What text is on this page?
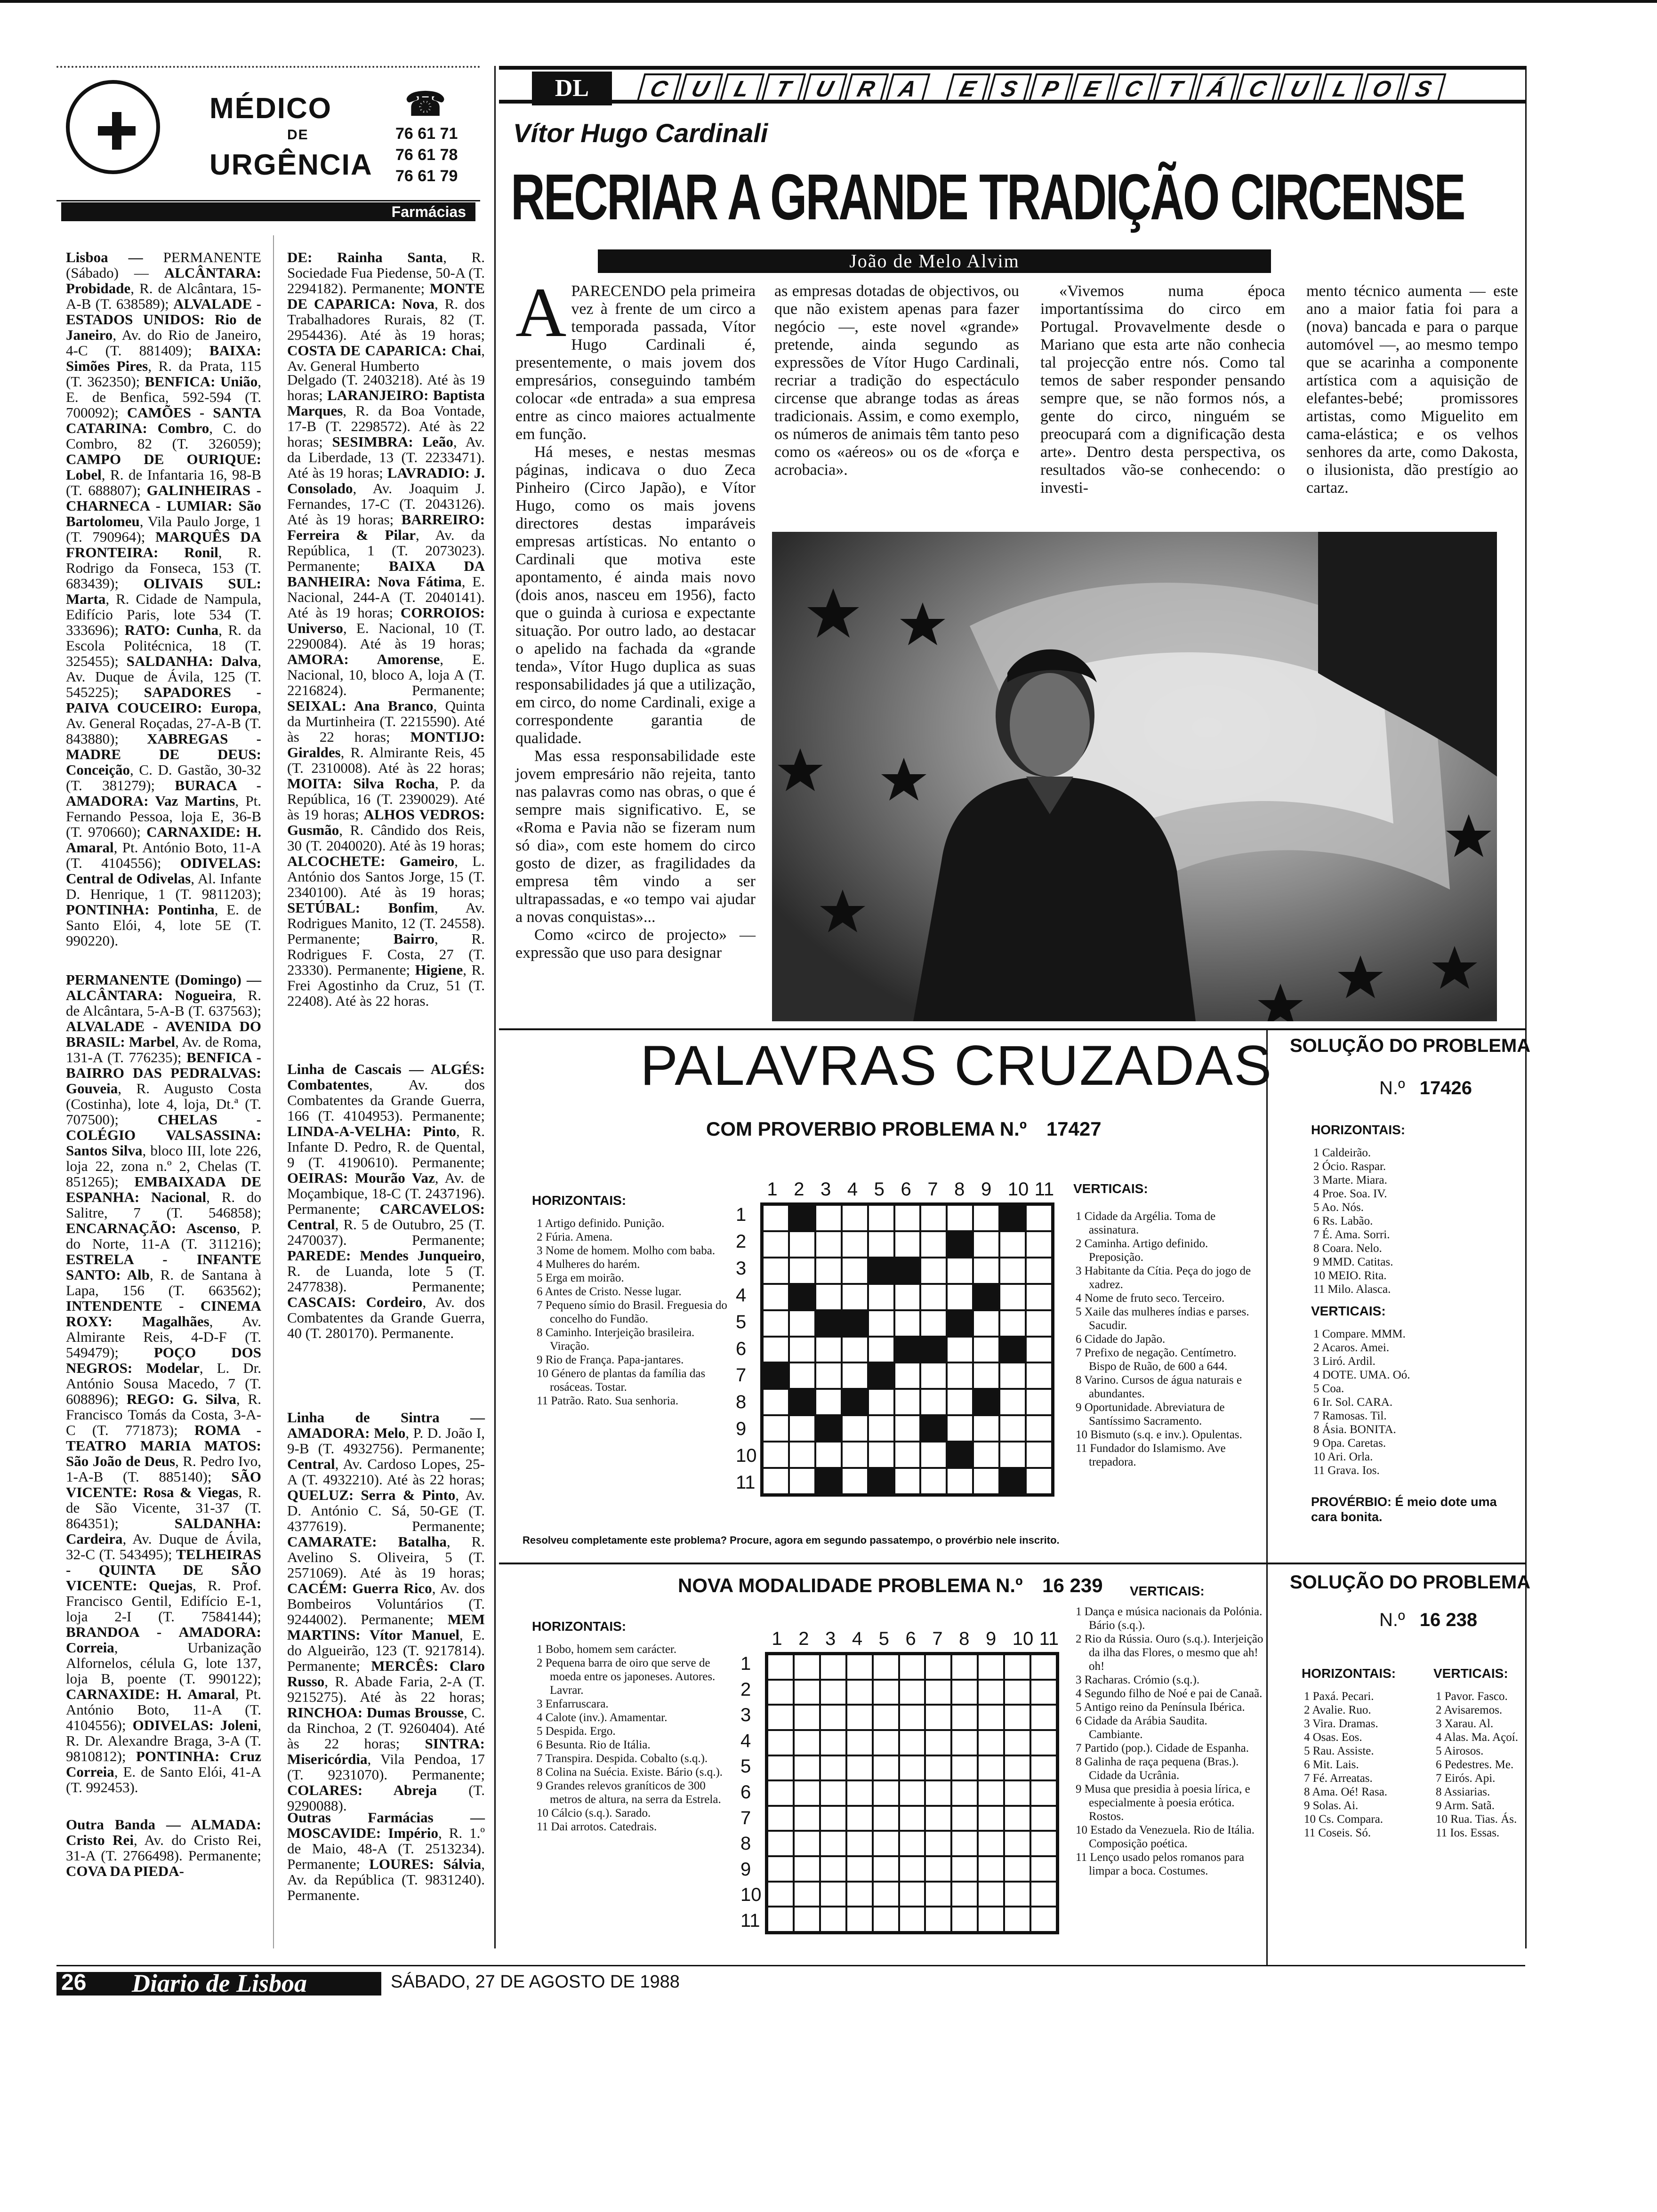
MÉDICO
DE
URGÊNCIA
☎
76 61 71
76 61 78
76 61 79
Farmácias
Lisboa — PERMANENTE (Sábado) — ALCÂNTARA: Probidade, R. de Alcântara, 15-A-B (T. 638589); ALVALADE - ESTADOS UNIDOS: Rio de Janeiro, Av. do Rio de Janeiro, 4-C (T. 881409); BAIXA: Simões Pires, R. da Prata, 115 (T. 362350); BENFICA: União, E. de Benfica, 592-594 (T. 700092); CAMÕES - SANTA CATARINA: Combro, C. do Combro, 82 (T. 326059); CAMPO DE OURIQUE: Lobel, R. de Infantaria 16, 98-B (T. 688807); GALINHEIRAS - CHARNECA - LUMIAR: São Bartolomeu, Vila Paulo Jorge, 1 (T. 790964); MARQUÊS DA FRONTEIRA: Ronil, R. Rodrigo da Fonseca, 153 (T. 683439); OLIVAIS SUL: Marta, R. Cidade de Nampula, Edifício Paris, lote 534 (T. 333696); RATO: Cunha, R. da Escola Politécnica, 18 (T. 325455); SALDANHA: Dalva, Av. Duque de Ávila, 125 (T. 545225); SAPADORES - PAIVA COUCEIRO: Europa, Av. General Roçadas, 27-A-B (T. 843880); XABREGAS - MADRE DE DEUS: Conceição, C. D. Gastão, 30-32 (T. 381279); BURACA - AMADORA: Vaz Martins, Pt. Fernando Pessoa, loja E, 36-B (T. 970660); CARNAXIDE: H. Amaral, Pt. António Boto, 11-A (T. 4104556); ODIVELAS: Central de Odivelas, Al. Infante D. Henrique, 1 (T. 9811203); PONTINHA: Pontinha, E. de Santo Elói, 4, lote 5E (T. 990220).
PERMANENTE (Domingo) — ALCÂNTARA: Nogueira, R. de Alcântara, 5-A-B (T. 637563); ALVALADE - AVENIDA DO BRASIL: Marbel, Av. de Roma, 131-A (T. 776235); BENFICA - BAIRRO DAS PEDRALVAS: Gouveia, R. Augusto Costa (Costinha), lote 4, loja, Dt.ª (T. 707500); CHELAS - COLÉGIO VALSASSINA: Santos Silva, bloco III, lote 226, loja 22, zona n.º 2, Chelas (T. 851265); EMBAIXADA DE ESPANHA: Nacional, R. do Salitre, 7 (T. 546858); ENCARNAÇÃO: Ascenso, P. do Norte, 11-A (T. 311216); ESTRELA - INFANTE SANTO: Alb, R. de Santana à Lapa, 156 (T. 663562); INTENDENTE - CINEMA ROXY: Magalhães, Av. Almirante Reis, 4-D-F (T. 549479); POÇO DOS NEGROS: Modelar, L. Dr. António Sousa Macedo, 7 (T. 608896); REGO: G. Silva, R. Francisco Tomás da Costa, 3-A-C (T. 771873); ROMA - TEATRO MARIA MATOS: São João de Deus, R. Pedro Ivo, 1-A-B (T. 885140); SÃO VICENTE: Rosa & Viegas, R. de São Vicente, 31-37 (T. 864351); SALDANHA: Cardeira, Av. Duque de Ávila, 32-C (T. 543495); TELHEIRAS - QUINTA DE SÃO VICENTE: Quejas, R. Prof. Francisco Gentil, Edifício E-1, loja 2-I (T. 7584144); BRANDOA - AMADORA: Correia, Urbanização Alfornelos, célula G, lote 137, loja B, poente (T. 990122); CARNAXIDE: H. Amaral, Pt. António Boto, 11-A (T. 4104556); ODIVELAS: Joleni, R. Dr. Alexandre Braga, 3-A (T. 9810812); PONTINHA: Cruz Correia, E. de Santo Elói, 41-A (T. 992453).
Outra Banda — ALMADA: Cristo Rei, Av. do Cristo Rei, 31-A (T. 2766498). Permanente; COVA DA PIEDA-
DE: Rainha Santa, R. Sociedade Fua Piedense, 50-A (T. 2294182). Permanente; MONTE DE CAPARICA: Nova, R. dos Trabalhadores Rurais, 82 (T. 2954436). Até às 19 horas; COSTA DE CAPARICA: Chai, Av. General Humberto
Delgado (T. 2403218). Até às 19 horas; LARANJEIRO: Baptista Marques, R. da Boa Vontade, 17-B (T. 2298572). Até às 22 horas; SESIMBRA: Leão, Av. da Liberdade, 13 (T. 2233471). Até às 19 horas; LAVRADIO: J. Consolado, Av. Joaquim J. Fernandes, 17-C (T. 2043126). Até às 19 horas; BARREIRO: Ferreira & Pilar, Av. da República, 1 (T. 2073023). Permanente; BAIXA DA BANHEIRA: Nova Fátima, E. Nacional, 244-A (T. 2040141). Até às 19 horas; CORROIOS: Universo, E. Nacional, 10 (T. 2290084). Até às 19 horas; AMORA: Amorense, E. Nacional, 10, bloco A, loja A (T. 2216824). Permanente; SEIXAL: Ana Branco, Quinta da Murtinheira (T. 2215590). Até às 22 horas; MONTIJO: Giraldes, R. Almirante Reis, 45 (T. 2310008). Até às 22 horas; MOITA: Silva Rocha, P. da República, 16 (T. 2390029). Até às 19 horas; ALHOS VEDROS: Gusmão, R. Cândido dos Reis, 30 (T. 2040020). Até às 19 horas; ALCOCHETE: Gameiro, L. António dos Santos Jorge, 15 (T. 2340100). Até às 19 horas; SETÚBAL: Bonfim, Av. Rodrigues Manito, 12 (T. 24558). Permanente; Bairro, R. Rodrigues F. Costa, 27 (T. 23330). Permanente; Higiene, R. Frei Agostinho da Cruz, 51 (T. 22408). Até às 22 horas.
Linha de Cascais — ALGÉS: Combatentes, Av. dos Combatentes da Grande Guerra, 166 (T. 4104953). Permanente; LINDA-A-VELHA: Pinto, R. Infante D. Pedro, R. de Quental, 9 (T. 4190610). Permanente; OEIRAS: Mourão Vaz, Av. de Moçambique, 18-C (T. 2437196). Permanente; CARCAVELOS: Central, R. 5 de Outubro, 25 (T. 2470037). Permanente; PAREDE: Mendes Junqueiro, R. de Luanda, lote 5 (T. 2477838). Permanente; CASCAIS: Cordeiro, Av. dos Combatentes da Grande Guerra, 40 (T. 280170). Permanente.
Linha de Sintra — AMADORA: Melo, P. D. João I, 9-B (T. 4932756). Permanente; Central, Av. Cardoso Lopes, 25-A (T. 4932210). Até às 22 horas; QUELUZ: Serra & Pinto, Av. D. António C. Sá, 50-GE (T. 4377619). Permanente; CAMARATE: Batalha, R. Avelino S. Oliveira, 5 (T. 2571069). Até às 19 horas; CACÉM: Guerra Rico, Av. dos Bombeiros Voluntários (T. 9244002). Permanente; MEM MARTINS: Vítor Manuel, E. do Algueirão, 123 (T. 9217814). Permanente; MERCÊS: Claro Russo, R. Abade Faria, 2-A (T. 9215275). Até às 22 horas; RINCHOA: Dumas Brousse, C. da Rinchoa, 2 (T. 9260404). Até às 22 horas; SINTRA: Misericórdia, Vila Pendoa, 17 (T. 9231070). Permanente; COLARES: Abreja (T. 9290088).
Outras Farmácias — MOSCAVIDE: Império, R. 1.º de Maio, 48-A (T. 2513234). Permanente; LOURES: Sálvia, Av. da República (T. 9831240). Permanente.
DL	C U L T U R A	E S P E C T Á C U L O S
Vítor Hugo Cardinali
RECRIAR A GRANDE TRADIÇÃO CIRCENSE
João de Melo Alvim
APARECENDO pela primeira vez à frente de um circo a temporada passada, Vítor Hugo Cardinali é, presentemente, o mais jovem dos empresários, conseguindo também colocar «de entrada» a sua empresa entre as cinco maiores actualmente em função.

Há meses, e nestas mesmas páginas, indicava o duo Zeca Pinheiro (Circo Japão), e Vítor Hugo, como os mais jovens directores destas imparáveis empresas artísticas. No entanto o Cardinali que motiva este apontamento, é ainda mais novo (dois anos, nasceu em 1956), facto que o guinda à curiosa e expectante situação. Por outro lado, ao destacar o apelido na fachada da «grande tenda», Vítor Hugo duplica as suas responsabilidades já que a utilização, em circo, do nome Cardinali, exige a correspondente garantia de qualidade.

Mas essa responsabilidade este jovem empresário não rejeita, tanto nas palavras como nas obras, o que é sempre mais significativo. E, se «Roma e Pavia não se fizeram num só dia», com este homem do circo gosto de dizer, as fragilidades da empresa têm vindo a ser ultrapassadas, e «o tempo vai ajudar a novas conquistas»...

Como «circo de projecto» — expressão que uso para designar

as empresas dotadas de objectivos, ou que não existem apenas para fazer negócio —, este novel «grande» pretende, ainda segundo as expressões de Vítor Hugo Cardinali, recriar a tradição do espectáculo circense que abrange todas as áreas tradicionais. Assim, e como exemplo, os números de animais têm tanto peso como os «aéreos» ou os de «força e acrobacia».
«Vivemos numa época importantíssima do circo em Portugal. Provavelmente desde o Mariano que esta arte não conhecia tal projecção entre nós. Como tal temos de saber responder pensando sempre que, se não formos nós, a gente do circo, ninguém se preocupará com a dignificação desta arte». Dentro desta perspectiva, os resultados vão-se conhecendo: o investi-
mento técnico aumenta — este ano a maior fatia foi para a (nova) bancada e para o parque automóvel —, ao mesmo tempo que se acarinha a componente artística com a aquisição de elefantes-bebé; promissores artistas, como Miguelito em cama-elástica; e os velhos senhores da arte, como Dakosta, o ilusionista, dão prestígio ao cartaz.
PALAVRAS CRUZADAS
COM PROVERBIO PROBLEMA N.º 17427
HORIZONTAIS:
1 Artigo definido. Punição.
2 Fúria. Amena.
3 Nome de homem. Molho com baba.
4 Mulheres do harém.
5 Erga em moirão.
6 Antes de Cristo. Nesse lugar.
7 Pequeno símio do Brasil. Freguesia do concelho do Fundão.
8 Caminho. Interjeição brasileira. Viração.
9 Rio de França. Papa-jantares.
10 Género de plantas da família das rosáceas. Tostar.
11 Patrão. Rato. Sua senhoria.
1 2 3 4 5 6 7 8 9 10 11
1
2
3
4
5
6
7
8
9
10
11
VERTICAIS:
1 Cidade da Argélia. Toma de assinatura.
2 Caminha. Artigo definido. Preposição.
3 Habitante da Cítia. Peça do jogo de xadrez.
4 Nome de fruto seco. Terceiro.
5 Xaile das mulheres índias e parses. Sacudir.
6 Cidade do Japão.
7 Prefixo de negação. Centímetro. Bispo de Ruão, de 600 a 644.
8 Varino. Cursos de água naturais e abundantes.
9 Oportunidade. Abreviatura de Santíssimo Sacramento.
10 Bismuto (s.q. e inv.). Opulentas.
11 Fundador do Islamismo. Ave trepadora.
Resolveu completamente este problema? Procure, agora em segundo passatempo, o provérbio nele inscrito.
SOLUÇÃO DO PROBLEMA
N.º 17426
HORIZONTAIS:
1 Caldeirão.
2 Ócio. Raspar.
3 Marte. Miara.
4 Proe. Soa. IV.
5 Ao. Nós.
6 Rs. Labão.
7 É. Ama. Sorri.
8 Coara. Nelo.
9 MMD. Catitas.
10 MEIO. Rita.
11 Milo. Alasca.
VERTICAIS:
1 Compare. MMM.
2 Acaros. Amei.
3 Liró. Ardil.
4 DOTE. UMA. Oó.
5 Coa.
6 Ir. Sol. CARA.
7 Ramosas. Til.
8 Ásia. BONITA.
9 Opa. Caretas.
10 Ari. Orla.
11 Grava. Ios.
PROVÉRBIO: É meio dote uma cara bonita.
NOVA MODALIDADE PROBLEMA N.º 16 239
HORIZONTAIS:
1 Bobo, homem sem carácter.
2 Pequena barra de oiro que serve de moeda entre os japoneses. Autores. Lavrar.
3 Enfarruscara.
4 Calote (inv.). Amamentar.
5 Despida. Ergo.
6 Besunta. Rio de Itália.
7 Transpira. Despida. Cobalto (s.q.).
8 Colina na Suécia. Existe. Bário (s.q.).
9 Grandes relevos graníticos de 300 metros de altura, na serra da Estrela.
10 Cálcio (s.q.). Sarado.
11 Dai arrotos. Catedrais.
1 2 3 4 5 6 7 8 9 10 11
1
2
3
4
5
6
7
8
9
10
11
VERTICAIS:
1 Dança e música nacionais da Polónia. Bário (s.q.).
2 Rio da Rússia. Ouro (s.q.). Interjeição da ilha das Flores, o mesmo que ah! oh!
3 Racharas. Crómio (s.q.).
4 Segundo filho de Noé e pai de Canaã.
5 Antigo reino da Península Ibérica.
6 Cidade da Arábia Saudita. Cambiante.
7 Partido (pop.). Cidade de Espanha.
8 Galinha de raça pequena (Bras.). Cidade da Ucrânia.
9 Musa que presidia à poesia lírica, e especialmente à poesia erótica. Rostos.
10 Estado da Venezuela. Rio de Itália. Composição poética.
11 Lenço usado pelos romanos para limpar a boca. Costumes.
SOLUÇÃO DO PROBLEMA
N.º 16 238
HORIZONTAIS:
1 Paxá. Pecari.
2 Avalie. Ruo.
3 Vira. Dramas.
4 Osas. Eos.
5 Rau. Assiste.
6 Mit. Lais.
7 Fé. Arreatas.
8 Ama. Oé! Rasa.
9 Solas. Ai.
10 Cs. Compara.
11 Coseis. Só.
VERTICAIS:
1 Pavor. Fasco.
2 Avisaremos.
3 Xarau. Al.
4 Alas. Ma. Açoí.
5 Airosos.
6 Pedestres. Me.
7 Eirós. Api.
8 Assiarias.
9 Arm. Satã.
10 Rua. Tias. Ás.
11 Ios. Essas.
26 Diario de Lisboa	SÁBADO, 27 DE AGOSTO DE 1988
